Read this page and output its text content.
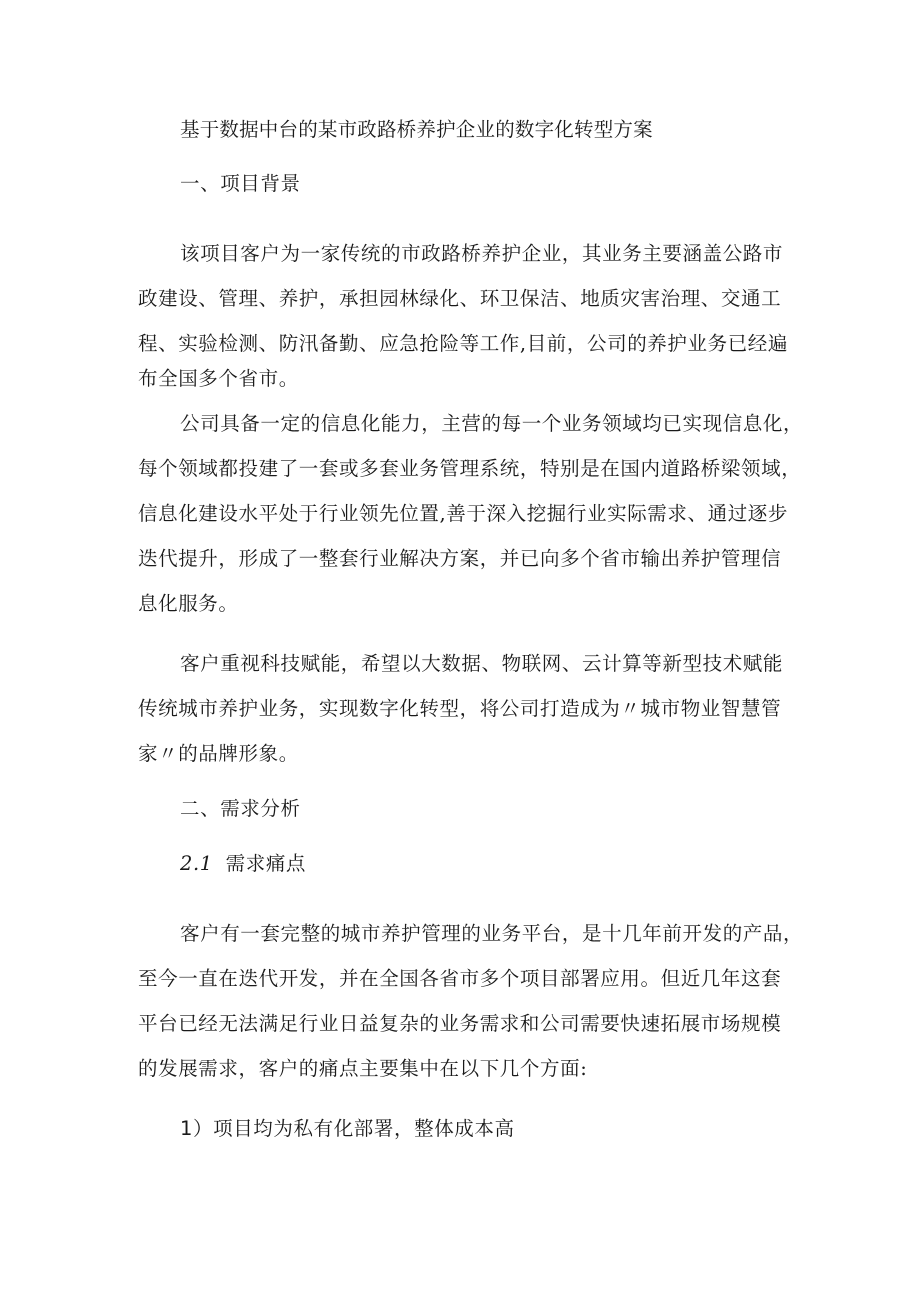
基于数据中台的某市政路桥养护企业的数字化转型方案
一、项目背景
该项目客户为一家传统的市政路桥养护企业，其业务主要涵盖公路市
政建设、管理、养护，承担园林绿化、环卫保洁、地质灾害治理、交通工
程、实验检测、防汛备勤、应急抢险等工作,目前，公司的养护业务已经遍
布全国多个省市。
公司具备一定的信息化能力，主营的每一个业务领域均已实现信息化，
每个领域都投建了一套或多套业务管理系统，特别是在国内道路桥梁领域，
信息化建设水平处于行业领先位置,善于深入挖掘行业实际需求、通过逐步
迭代提升，形成了一整套行业解决方案，并已向多个省市输出养护管理信
息化服务。
客户重视科技赋能，希望以大数据、物联网、云计算等新型技术赋能
传统城市养护业务，实现数字化转型，将公司打造成为〃城市物业智慧管
家〃的品牌形象。
二、需求分析
2.1 需求痛点
客户有一套完整的城市养护管理的业务平台，是十几年前开发的产品，
至今一直在迭代开发，并在全国各省市多个项目部署应用。但近几年这套
平台已经无法满足行业日益复杂的业务需求和公司需要快速拓展市场规模
的发展需求，客户的痛点主要集中在以下几个方面:
1）项目均为私有化部署，整体成本高
